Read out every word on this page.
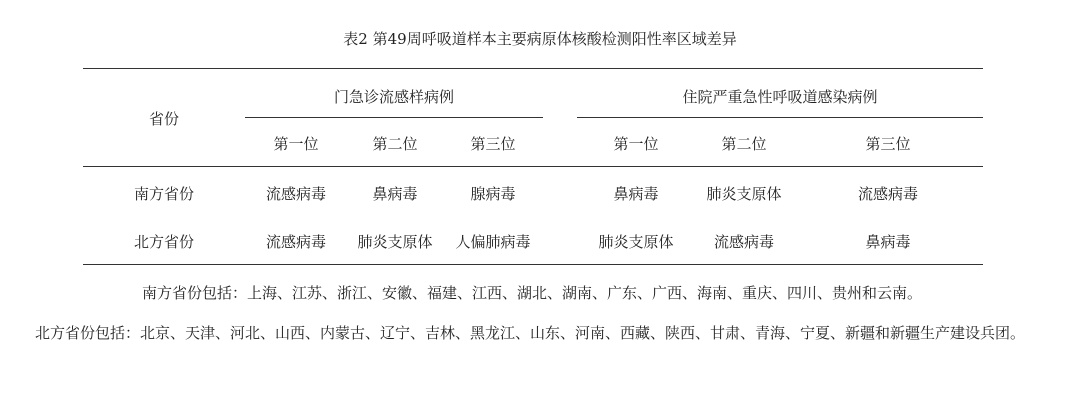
表2 第49周呼吸道样本主要病原体核酸检测阳性率区域差异
省份
门急诊流感样病例	住院严重急性呼吸道感染病例
第一位	第二位	第三位	第一位	第二位	第三位
南方省份	流感病毒	鼻病毒	腺病毒	鼻病毒	肺炎支原体	流感病毒
北方省份	流感病毒	肺炎支原体	人偏肺病毒	肺炎支原体	流感病毒	鼻病毒
南方省份包括：上海、江苏、浙江、安徽、福建、江西、湖北、湖南、广东、广西、海南、重庆、四川、贵州和云南。
北方省份包括：北京、天津、河北、山西、内蒙古、辽宁、吉林、黑龙江、山东、河南、西藏、陕西、甘肃、青海、宁夏、新疆和新疆生产建设兵团。
